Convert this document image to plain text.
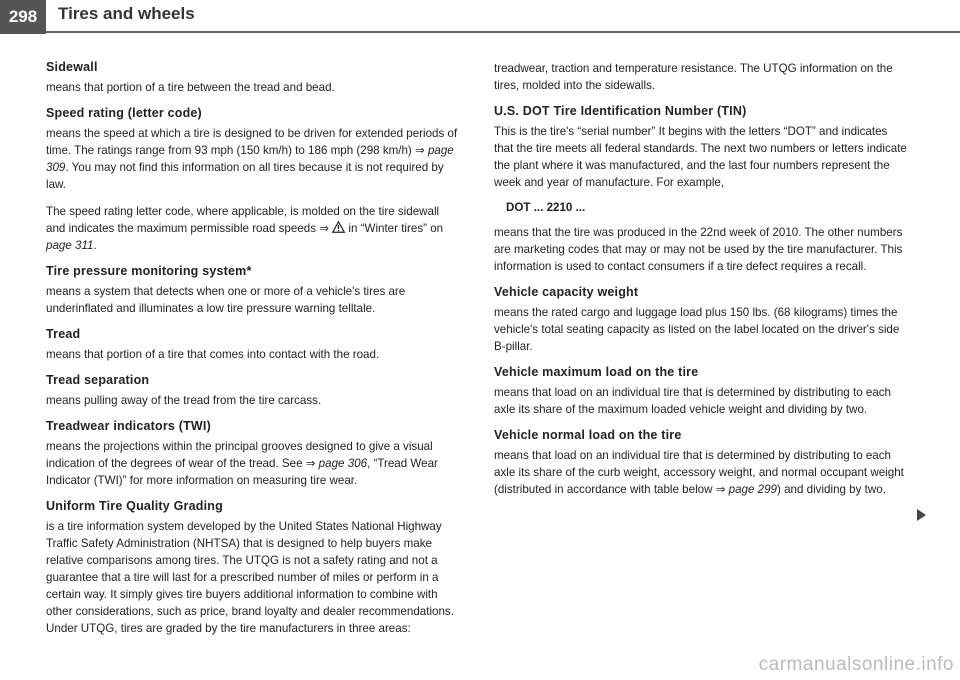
298	Tires and wheels
Sidewall

means that portion of a tire between the tread and bead.

Speed rating (letter code)

means the speed at which a tire is designed to be driven for extended periods of time. The ratings range from 93 mph (150 km/h) to 186 mph (298 km/h) ⇒ page 309. You may not find this information on all tires because it is not required by law.

The speed rating letter code, where applicable, is molded on the tire sidewall and indicates the maximum permissible road speeds ⇒  in “Winter tires” on page 311.

Tire pressure monitoring system*

means a system that detects when one or more of a vehicle's tires are underinflated and illuminates a low tire pressure warning telltale.

Tread

means that portion of a tire that comes into contact with the road.

Tread separation

means pulling away of the tread from the tire carcass.

Treadwear indicators (TWI)

means the projections within the principal grooves designed to give a visual indication of the degrees of wear of the tread. See ⇒ page 306, “Tread Wear Indicator (TWI)” for more information on measuring tire wear.

Uniform Tire Quality Grading

is a tire information system developed by the United States National Highway Traffic Safety Administration (NHTSA) that is designed to help buyers make relative comparisons among tires. The UTQG is not a safety rating and not a guarantee that a tire will last for a prescribed number of miles or perform in a certain way. It simply gives tire buyers additional information to combine with other considerations, such as price, brand loyalty and dealer recommendations. Under UTQG, tires are graded by the tire manufacturers in three areas:

treadwear, traction and temperature resistance. The UTQG information on the tires, molded into the sidewalls.

U.S. DOT Tire Identification Number (TIN)

This is the tire's “serial number” It begins with the letters “DOT” and indicates that the tire meets all federal standards. The next two numbers or letters indicate the plant where it was manufactured, and the last four numbers represent the week and year of manufacture. For example,

DOT ... 2210 ...

means that the tire was produced in the 22nd week of 2010. The other numbers are marketing codes that may or may not be used by the tire manufacturer. This information is used to contact consumers if a tire defect requires a recall.

Vehicle capacity weight

means the rated cargo and luggage load plus 150 lbs. (68 kilograms) times the vehicle's total seating capacity as listed on the label located on the driver's side B-pillar.

Vehicle maximum load on the tire

means that load on an individual tire that is determined by distributing to each axle its share of the maximum loaded vehicle weight and dividing by two.

Vehicle normal load on the tire

means that load on an individual tire that is determined by distributing to each axle its share of the curb weight, accessory weight, and normal occupant weight (distributed in accordance with table below ⇒ page 299) and dividing by two.

carmanualsonline.info
